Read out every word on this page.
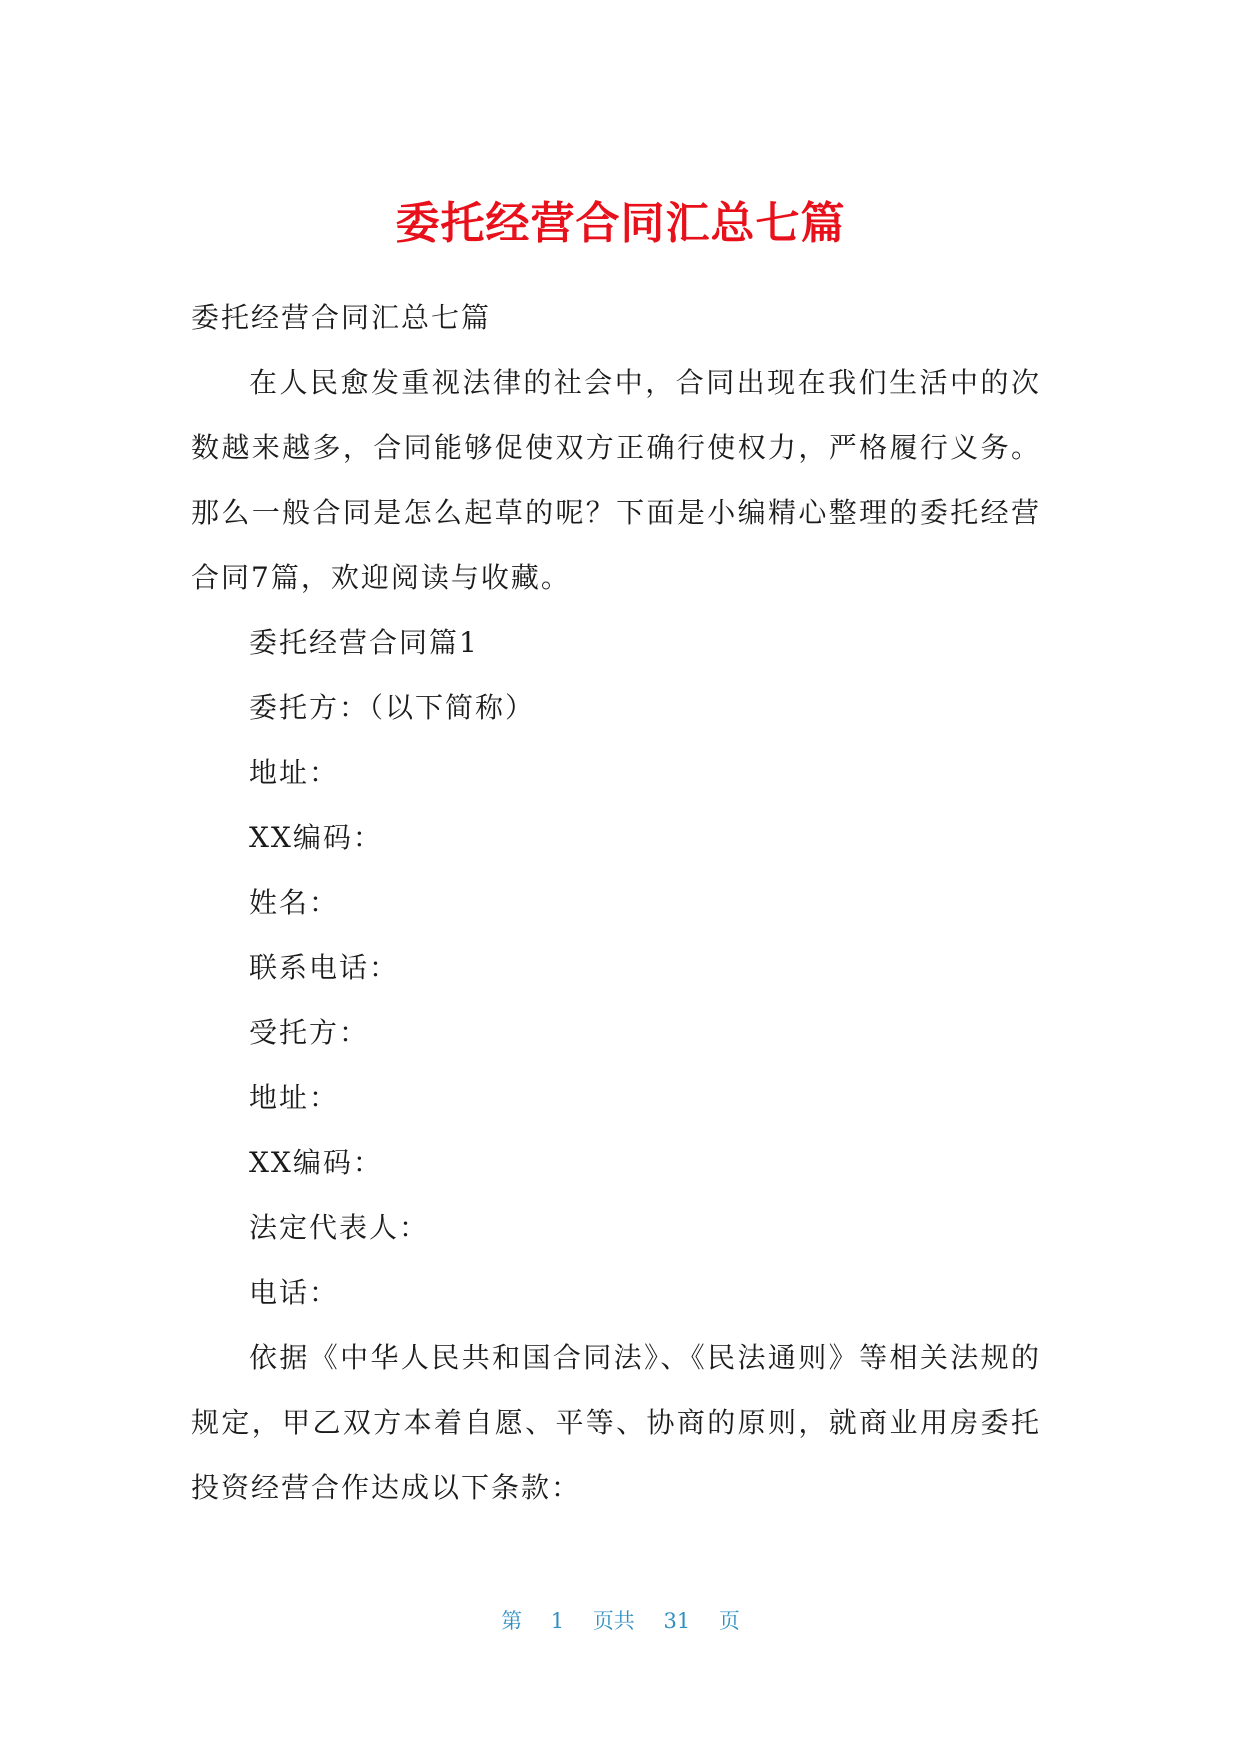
委托经营合同汇总七篇

委托经营合同汇总七篇

在人民愈发重视法律的社会中，合同出现在我们生活中的次数越来越多，合同能够促使双方正确行使权力，严格履行义务。那么一般合同是怎么起草的呢？下面是小编精心整理的委托经营合同7篇，欢迎阅读与收藏。

委托经营合同篇1

委托方：（以下简称）

地址：

XX编码：

姓名：

联系电话：

受托方：

地址：

XX编码：

法定代表人：

电话：

依据《中华人民共和国合同法》、《民法通则》等相关法规的规定，甲乙双方本着自愿、平等、协商的原则，就商业用房委托投资经营合作达成以下条款：

第 1 页共 31 页
